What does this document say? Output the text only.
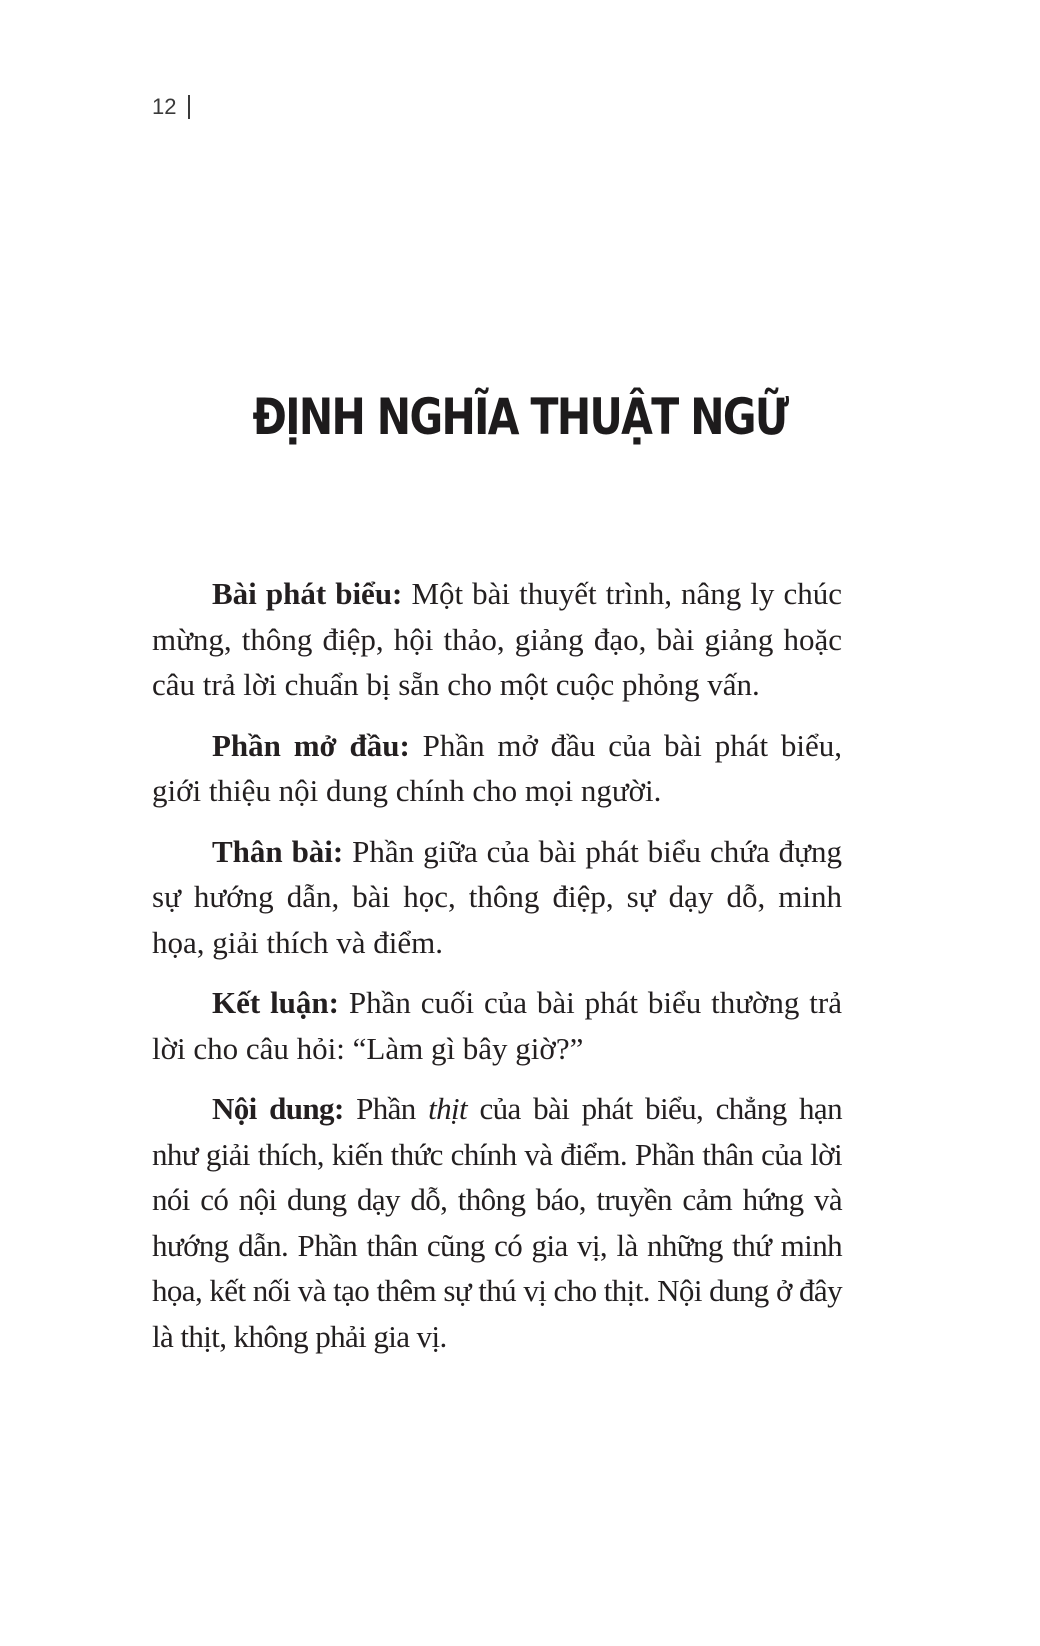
12
ĐỊNH NGHĨA THUẬT NGỮ

Bài phát biểu: Một bài thuyết trình, nâng ly chúc mừng, thông điệp, hội thảo, giảng đạo, bài giảng hoặc câu trả lời chuẩn bị sẵn cho một cuộc phỏng vấn.

Phần mở đầu: Phần mở đầu của bài phát biểu, giới thiệu nội dung chính cho mọi người.

Thân bài: Phần giữa của bài phát biểu chứa đựng sự hướng dẫn, bài học, thông điệp, sự dạy dỗ, minh họa, giải thích và điểm.

Kết luận: Phần cuối của bài phát biểu thường trả lời cho câu hỏi: “Làm gì bây giờ?”

Nội dung: Phần thịt của bài phát biểu, chẳng hạn như giải thích, kiến thức chính và điểm. Phần thân của lời nói có nội dung dạy dỗ, thông báo, truyền cảm hứng và hướng dẫn. Phần thân cũng có gia vị, là những thứ minh họa, kết nối và tạo thêm sự thú vị cho thịt. Nội dung ở đây là thịt, không phải gia vị.
